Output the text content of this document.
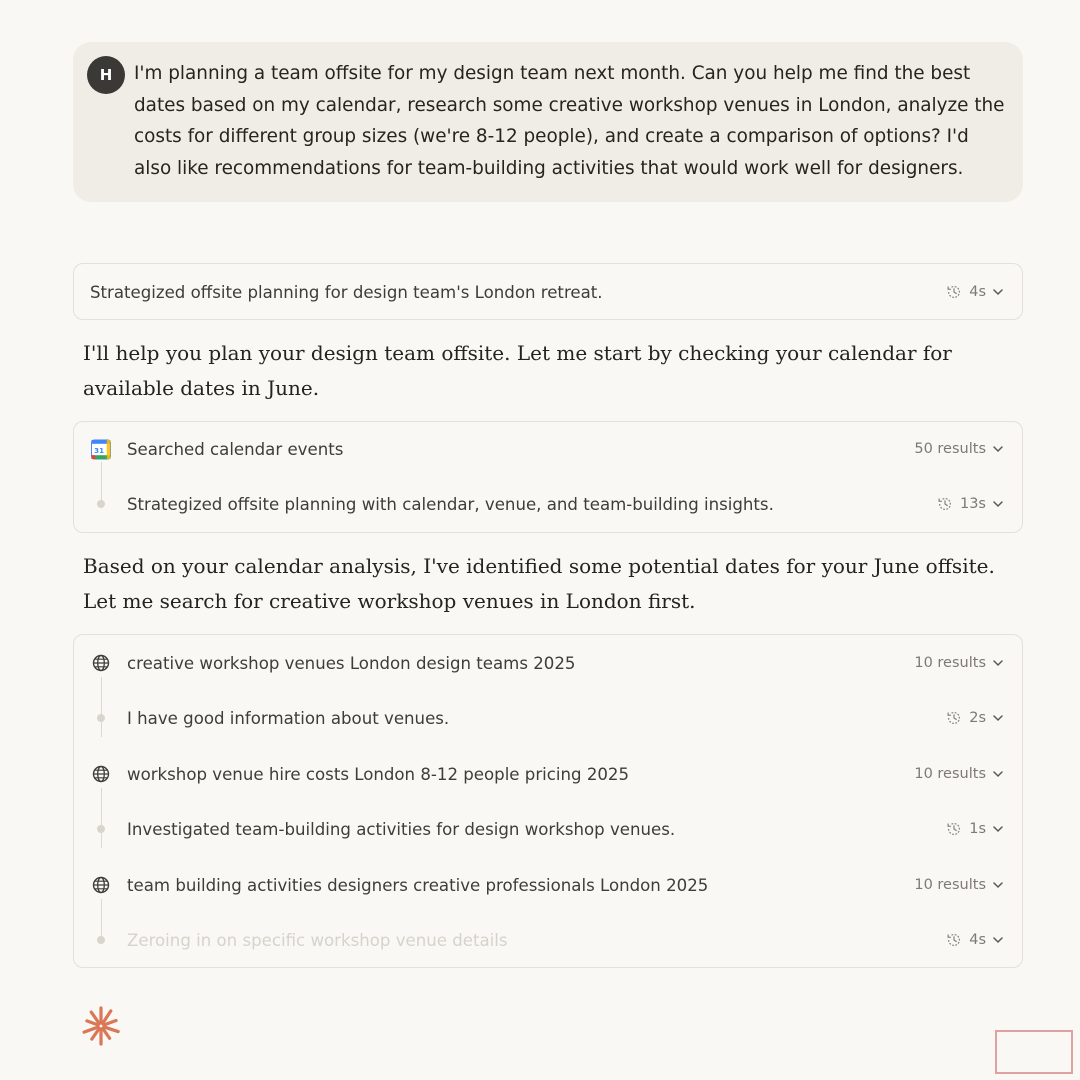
H	I'm planning a team offsite for my design team next month. Can you help me find the best dates based on my calendar, research some creative workshop venues in London, analyze the costs for different group sizes (we're 8-12 people), and create a comparison of options? I'd also like recommendations for team-building activities that would work well for designers.
Strategized offsite planning for design team's London retreat.	4s
I'll help you plan your design team offsite. Let me start by checking your calendar for available dates in June.
31 Searched calendar events	50 results
Strategized offsite planning with calendar, venue, and team-building insights.	13s
Based on your calendar analysis, I've identified some potential dates for your June offsite. Let me search for creative workshop venues in London first.
creative workshop venues London design teams 2025	10 results
I have good information about venues.	2s
workshop venue hire costs London 8-12 people pricing 2025	10 results
Investigated team-building activities for design workshop venues.	1s
team building activities designers creative professionals London 2025	10 results
Zeroing in on specific workshop venue details	4s
